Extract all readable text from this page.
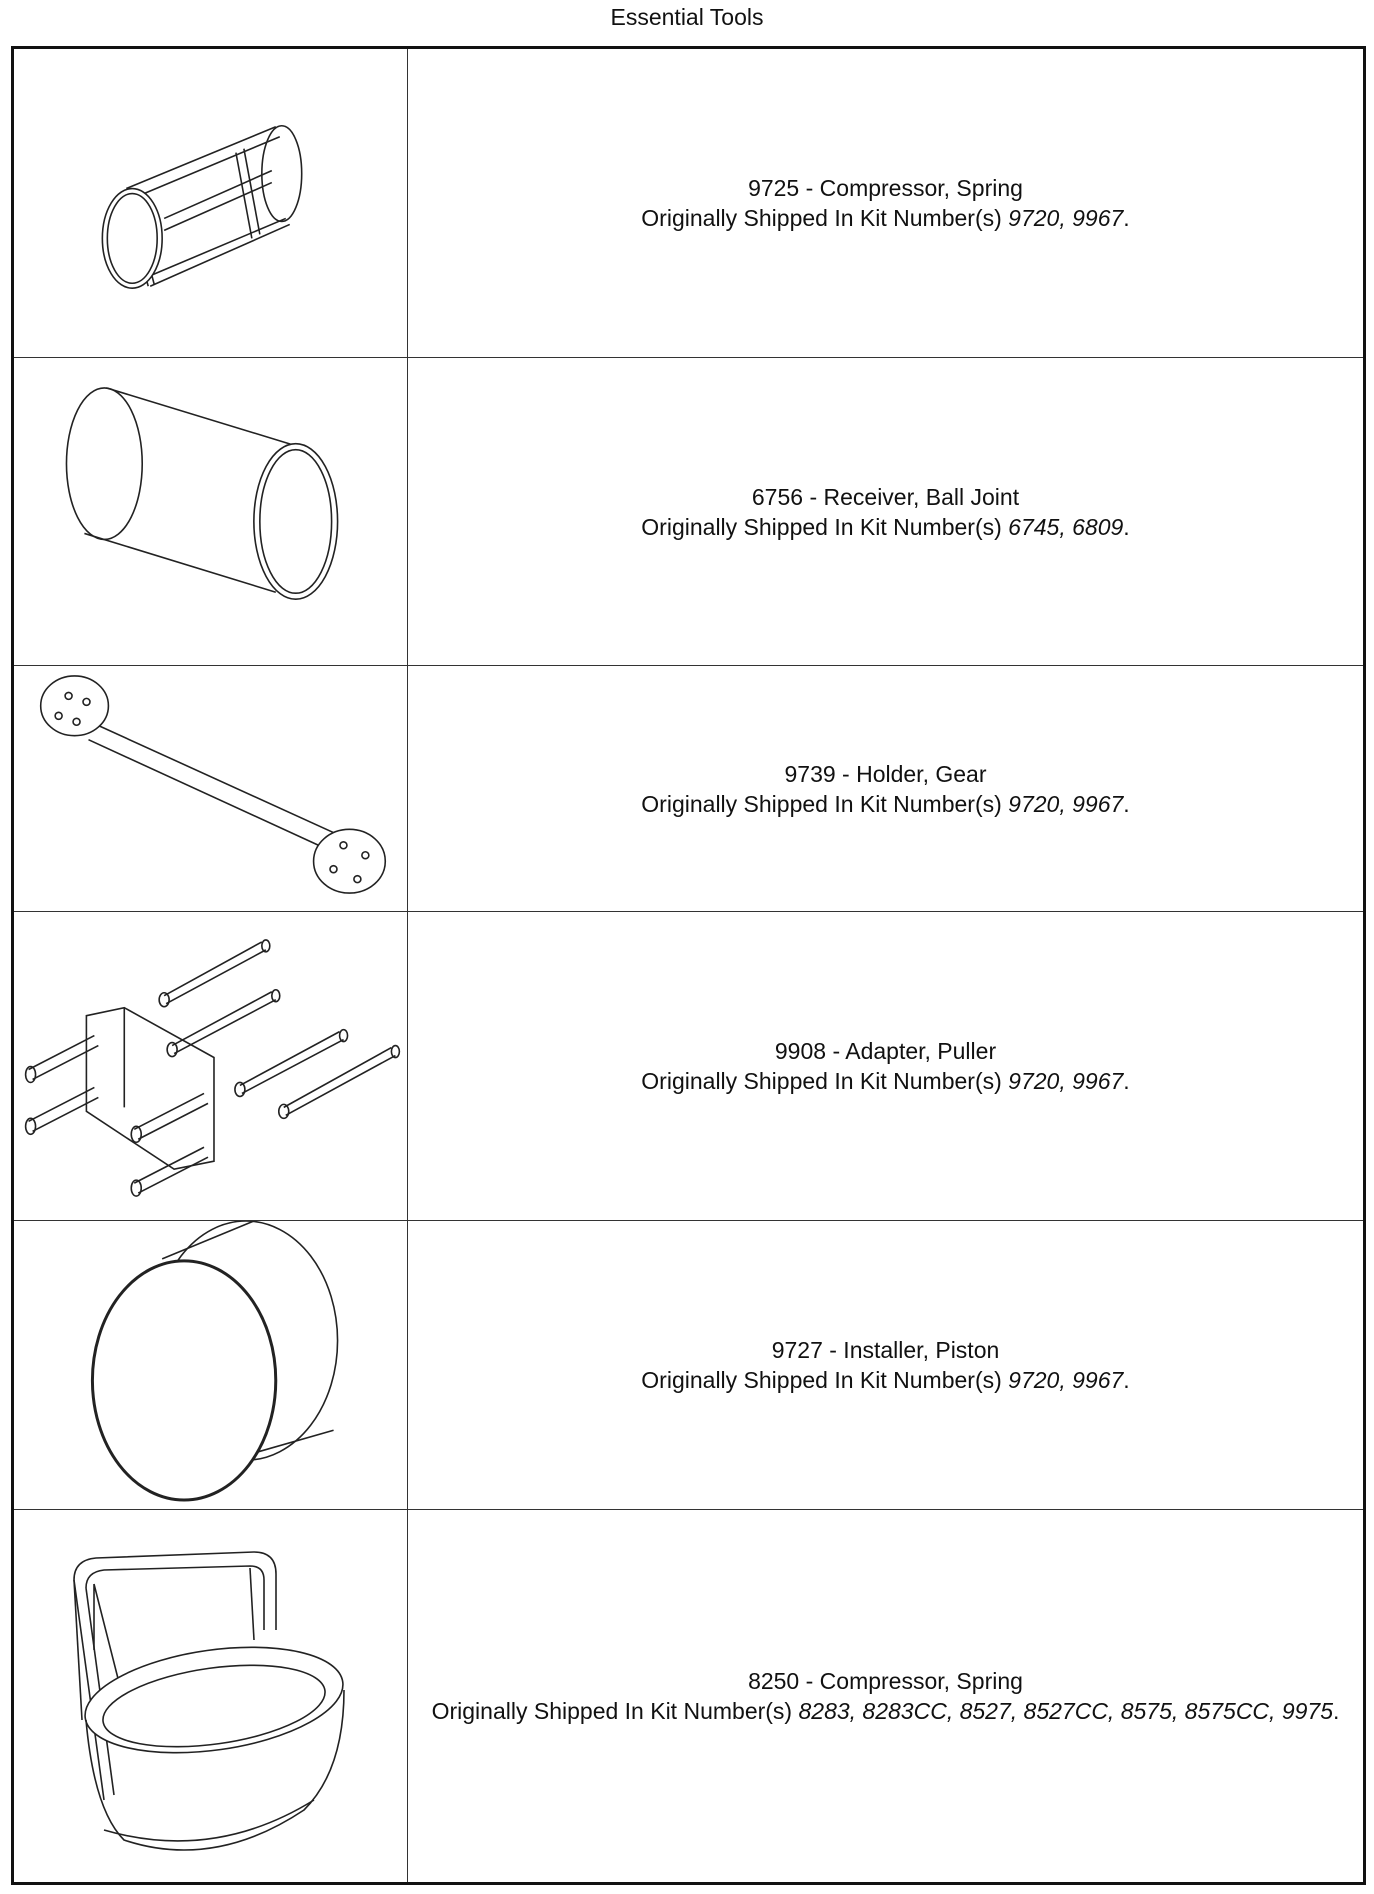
Essential Tools
9725 - Compressor, Spring
Originally Shipped In Kit Number(s) 9720, 9967.
6756 - Receiver, Ball Joint
Originally Shipped In Kit Number(s) 6745, 6809.
9739 - Holder, Gear
Originally Shipped In Kit Number(s) 9720, 9967.
9908 - Adapter, Puller
Originally Shipped In Kit Number(s) 9720, 9967.
9727 - Installer, Piston
Originally Shipped In Kit Number(s) 9720, 9967.
8250 - Compressor, Spring
Originally Shipped In Kit Number(s) 8283, 8283CC, 8527, 8527CC, 8575, 8575CC, 9975.
